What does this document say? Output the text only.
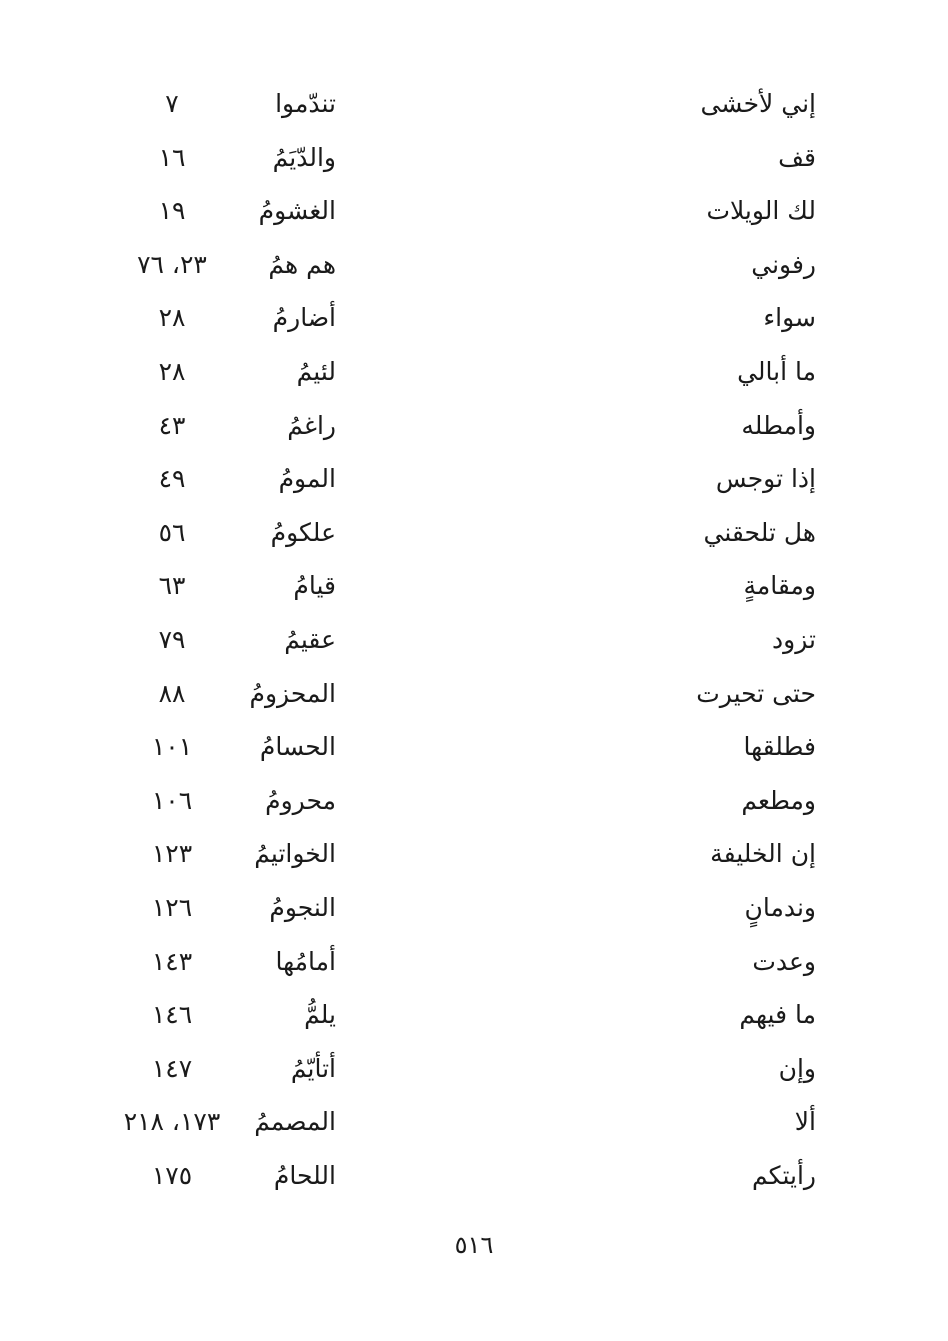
إني لأخشى
تندّموا
٧
قف
والدّيَمُ
١٦
لك الويلات
الغشومُ
١٩
رفوني
هم همُ
٢٣، ٧٦
سواء
أضارمُ
٢٨
ما أبالي
لئيمُ
٢٨
وأمطله
راغمُ
٤٣
إذا توجس
المومُ
٤٩
هل تلحقني
علكومُ
٥٦
ومقامةٍ
قيامُ
٦٣
تزود
عقيمُ
٧٩
حتى تحيرت
المحزومُ
٨٨
فطلقها
الحسامُ
١٠١
ومطعم
محرومُ
١٠٦
إن الخليفة
الخواتيمُ
١٢٣
وندمانٍ
النجومُ
١٢٦
وعدت
أمامُها
١٤٣
ما فيهم
يلمُّ
١٤٦
وإن
أتأيّمُ
١٤٧
ألا
المصممُ
١٧٣، ٢١٨
رأيتكم
اللحامُ
١٧٥
٥١٦
